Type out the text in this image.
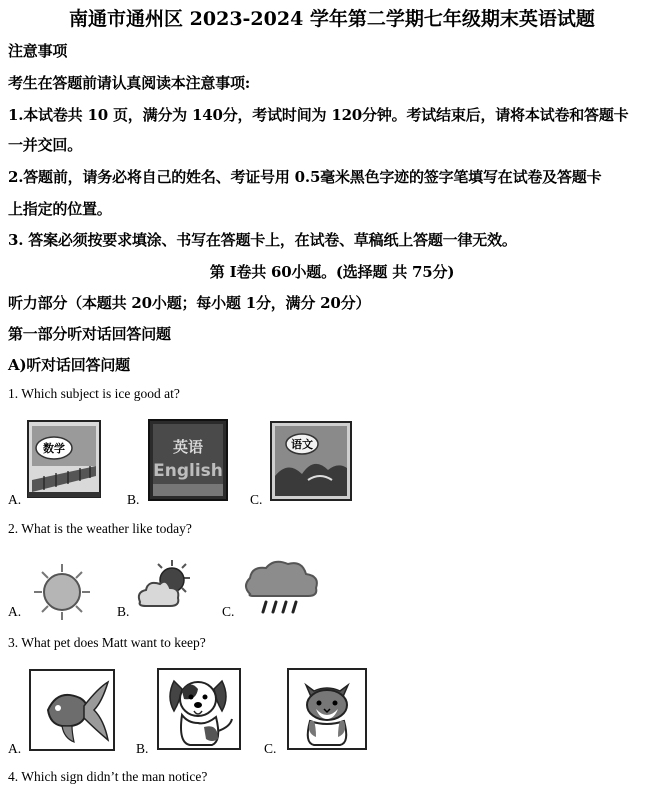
南通市通州区 2023-2024 学年第二学期七年级期末英语试题
注意事项
考生在答题前请认真阅读本注意事项:
1.本试卷共 10 页，满分为 140分，考试时间为 120分钟。考试结束后，请将本试卷和答题卡
一并交回。
2.答题前，请务必将自己的姓名、考证号用 0.5毫米黑色字迹的签字笔填写在试卷及答题卡
上指定的位置。
3. 答案必须按要求填涂、书写在答题卡上，在试卷、草稿纸上答题一律无效。
第 I卷共 60小题。(选择题 共 75分)
听力部分（本题共 20小题；每小题 1分，满分 20分）
第一部分听对话回答问题
A)听对话回答问题
1. Which subject is ice good at?
A.
数学
B.
英语
English
C.
语文
2. What is the weather like today?
A.	B.	C.
3. What pet does Matt want to keep?
A.	B.	C.
4. Which sign didn’t the man notice?
